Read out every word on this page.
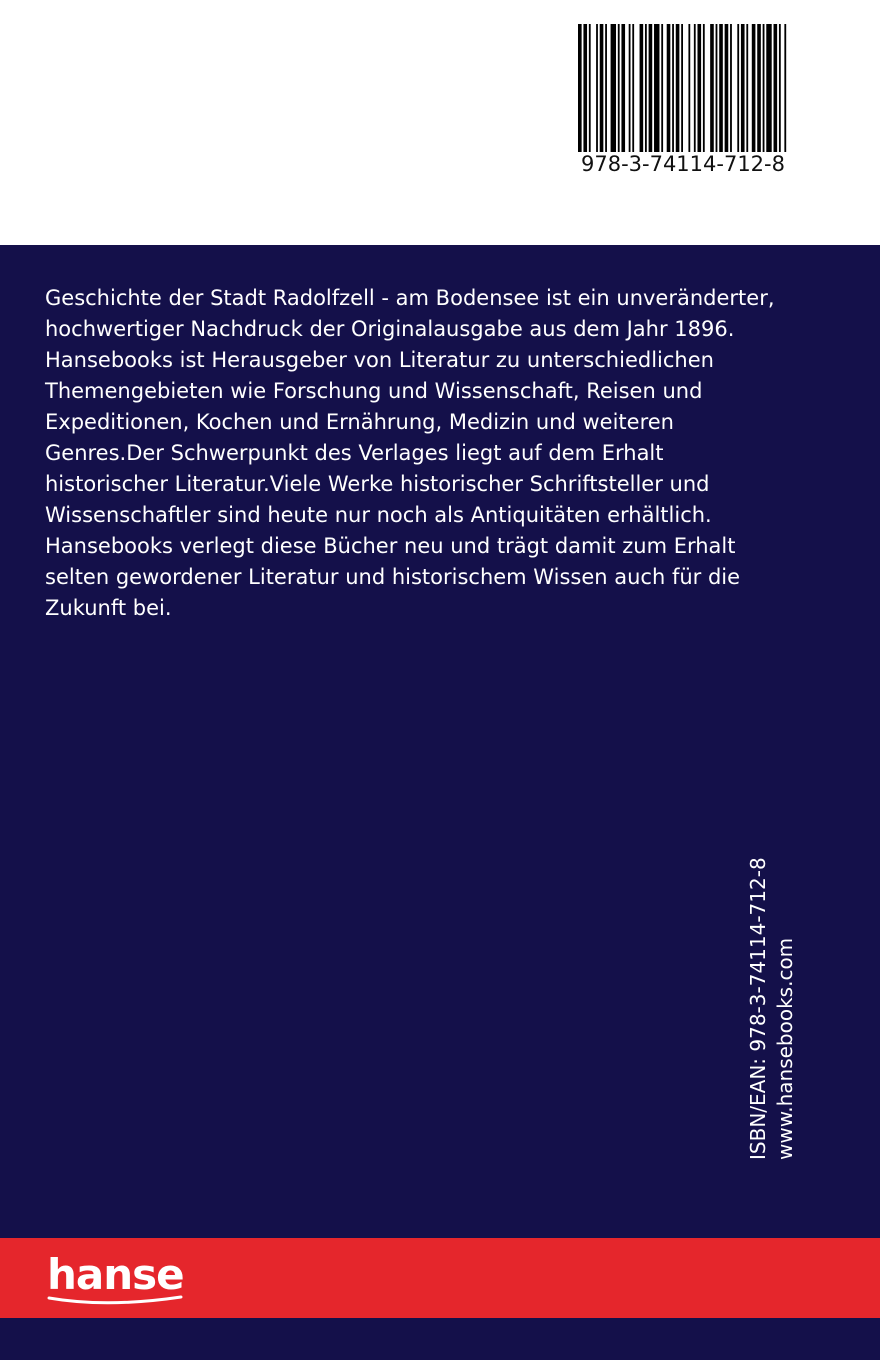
978-3-74114-712-8

Geschichte der Stadt Radolfzell - am Bodensee ist ein unveränderter,
hochwertiger Nachdruck der Originalausgabe aus dem Jahr 1896.
Hansebooks ist Herausgeber von Literatur zu unterschiedlichen
Themengebieten wie Forschung und Wissenschaft, Reisen und
Expeditionen, Kochen und Ernährung, Medizin und weiteren
Genres.Der Schwerpunkt des Verlages liegt auf dem Erhalt
historischer Literatur.Viele Werke historischer Schriftsteller und
Wissenschaftler sind heute nur noch als Antiquitäten erhältlich.
Hansebooks verlegt diese Bücher neu und trägt damit zum Erhalt
selten gewordener Literatur und historischem Wissen auch für die
Zukunft bei.

ISBN/EAN: 978-3-74114-712-8 www.hansebooks.com
hanse
